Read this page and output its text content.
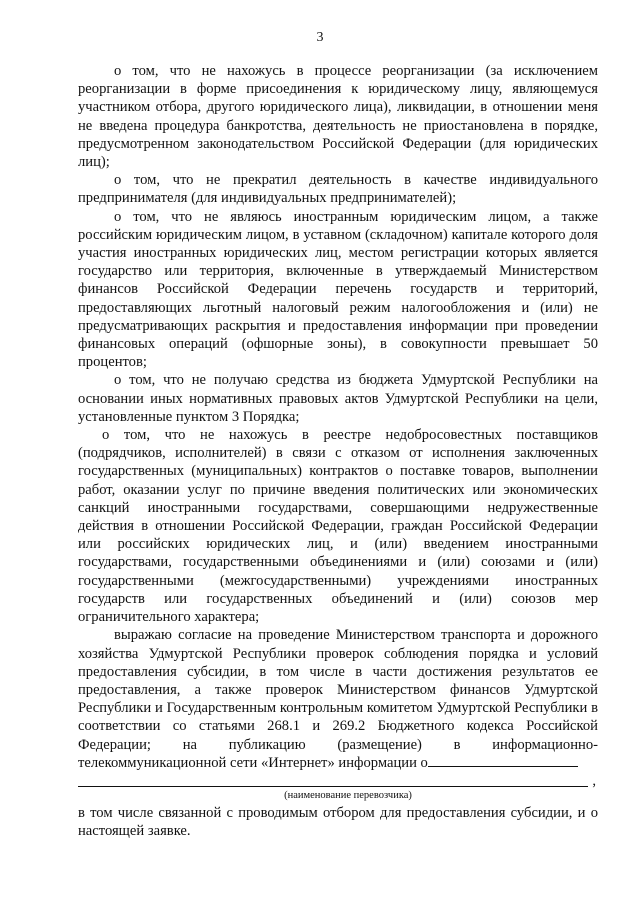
3

о том, что не нахожусь в процессе реорганизации (за исключением реорганизации в форме присоединения к юридическому лицу, являющемуся участником отбора, другого юридического лица), ликвидации, в отношении меня не введена процедура банкротства, деятельность не приостановлена в порядке, предусмотренном законодательством Российской Федерации (для юридических лиц);

о том, что не прекратил деятельность в качестве индивидуального предпринимателя (для индивидуальных предпринимателей);

о том, что не являюсь иностранным юридическим лицом, а также российским юридическим лицом, в уставном (складочном) капитале которого доля участия иностранных юридических лиц, местом регистрации которых является государство или территория, включенные в утверждаемый Министерством финансов Российской Федерации перечень государств и территорий, предоставляющих льготный налоговый режим налогообложения и (или) не предусматривающих раскрытия и предоставления информации при проведении финансовых операций (офшорные зоны), в совокупности превышает 50 процентов;

о том, что не получаю средства из бюджета Удмуртской Республики на основании иных нормативных правовых актов Удмуртской Республики на цели, установленные пунктом 3 Порядка;

о том, что не нахожусь в реестре недобросовестных поставщиков (подрядчиков, исполнителей) в связи с отказом от исполнения заключенных государственных (муниципальных) контрактов о поставке товаров, выполнении работ, оказании услуг по причине введения политических или экономических санкций иностранными государствами, совершающими недружественные действия в отношении Российской Федерации, граждан Российской Федерации или российских юридических лиц, и (или) введением иностранными государствами, государственными объединениями и (или) союзами и (или) государственными (межгосударственными) учреждениями иностранных государств или государственных объединений и (или) союзов мер ограничительного характера;

выражаю согласие на проведение Министерством транспорта и дорожного хозяйства Удмуртской Республики проверок соблюдения порядка и условий предоставления субсидии, в том числе в части достижения результатов ее предоставления, а также проверок Министерством финансов Удмуртской Республики и Государственным контрольным комитетом Удмуртской Республики в соответствии со статьями 268.1 и 269.2 Бюджетного кодекса Российской Федерации; на публикацию (размещение) в информационно-телекоммуникационной сети «Интернет» информации о

,
(наименование перевозчика)

в том числе связанной с проводимым отбором для предоставления субсидии, и о настоящей заявке.
